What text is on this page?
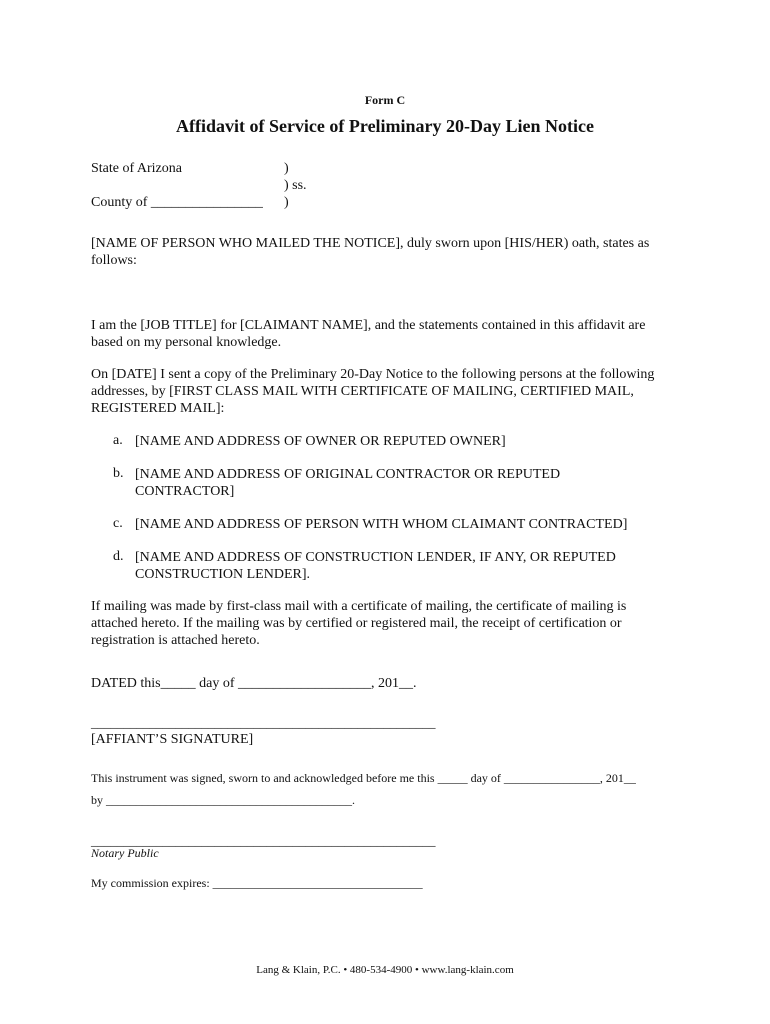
Form C
Affidavit of Service of Preliminary 20-Day Lien Notice
State of Arizona	)
) ss.
County of ________________ )
[NAME OF PERSON WHO MAILED THE NOTICE], duly sworn upon [HIS/HER) oath, states as follows:
I am the [JOB TITLE] for [CLAIMANT NAME], and the statements contained in this affidavit are based on my personal knowledge.
On [DATE] I sent a copy of the Preliminary 20-Day Notice to the following persons at the following addresses, by [FIRST CLASS MAIL WITH CERTIFICATE OF MAILING, CERTIFIED MAIL, REGISTERED MAIL]:
a. [NAME AND ADDRESS OF OWNER OR REPUTED OWNER]
b. [NAME AND ADDRESS OF ORIGINAL CONTRACTOR OR REPUTED CONTRACTOR]
c. [NAME AND ADDRESS OF PERSON WITH WHOM CLAIMANT CONTRACTED]
d. [NAME AND ADDRESS OF CONSTRUCTION LENDER, IF ANY, OR REPUTED CONSTRUCTION LENDER].
If mailing was made by first-class mail with a certificate of mailing, the certificate of mailing is attached hereto. If the mailing was by certified or registered mail, the receipt of certification or registration is attached hereto.
DATED this_____ day of ___________________, 201__.
_____________________________________________________
[AFFIANT’S SIGNATURE]
This instrument was signed, sworn to and acknowledged before me this _____ day of ________________, 201__
by _________________________________________.
_____________________________________________________
Notary Public
My commission expires: ___________________________________
Lang & Klain, P.C. • 480-534-4900 • www.lang-klain.com
